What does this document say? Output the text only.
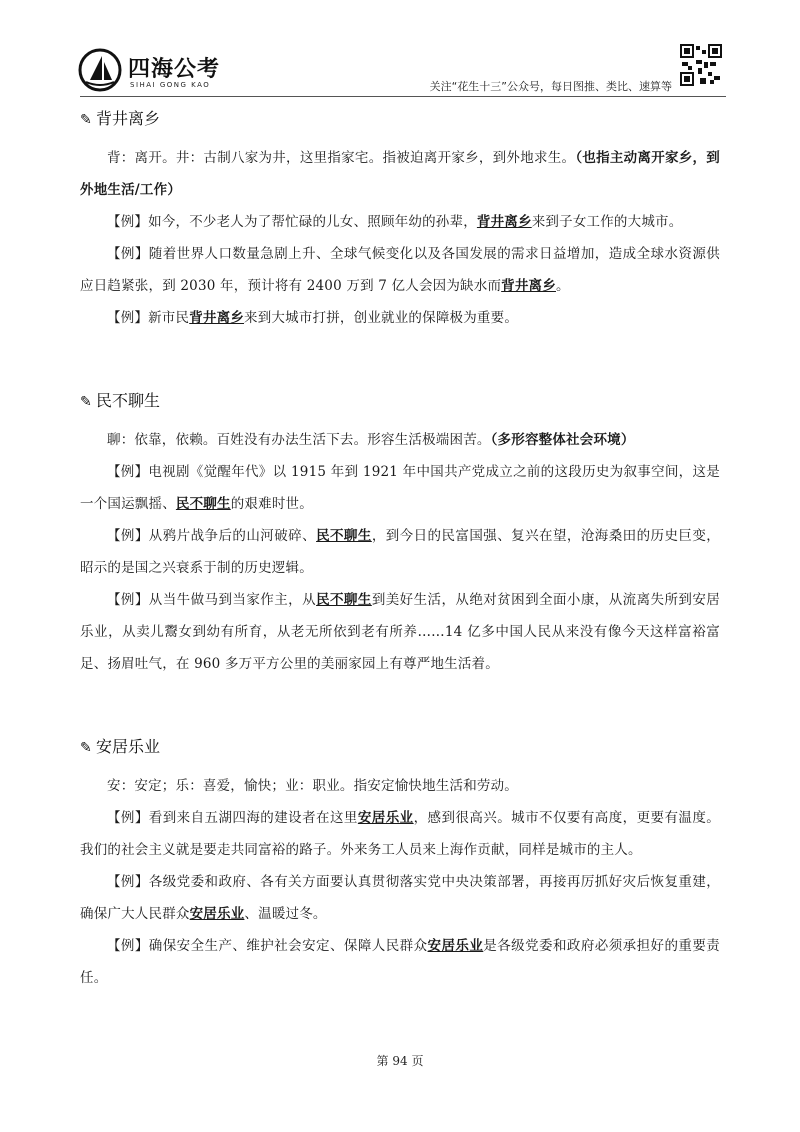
四海公考
SIHAI GONG KAO	关注“花生十三”公众号，每日图推、类比、速算等
✎ 背井离乡

背：离开。井：古制八家为井，这里指家宅。指被迫离开家乡，到外地求生。（也指主动离开家乡，到外地生活/工作）

【例】如今，不少老人为了帮忙碌的儿女、照顾年幼的孙辈，背井离乡来到子女工作的大城市。

【例】随着世界人口数量急剧上升、全球气候变化以及各国发展的需求日益增加，造成全球水资源供应日趋紧张，到 2030 年，预计将有 2400 万到 7 亿人会因为缺水而背井离乡。

【例】新市民背井离乡来到大城市打拼，创业就业的保障极为重要。

✎ 民不聊生

聊：依靠，依赖。百姓没有办法生活下去。形容生活极端困苦。（多形容整体社会环境）

【例】电视剧《觉醒年代》以 1915 年到 1921 年中国共产党成立之前的这段历史为叙事空间，这是一个国运飘摇、民不聊生的艰难时世。

【例】从鸦片战争后的山河破碎、民不聊生，到今日的民富国强、复兴在望，沧海桑田的历史巨变，昭示的是国之兴衰系于制的历史逻辑。

【例】从当牛做马到当家作主，从民不聊生到美好生活，从绝对贫困到全面小康，从流离失所到安居乐业，从卖儿鬻女到幼有所育，从老无所依到老有所养……14 亿多中国人民从来没有像今天这样富裕富足、扬眉吐气，在 960 多万平方公里的美丽家园上有尊严地生活着。

✎ 安居乐业

安：安定；乐：喜爱，愉快；业：职业。指安定愉快地生活和劳动。

【例】看到来自五湖四海的建设者在这里安居乐业，感到很高兴。城市不仅要有高度，更要有温度。我们的社会主义就是要走共同富裕的路子。外来务工人员来上海作贡献，同样是城市的主人。

【例】各级党委和政府、各有关方面要认真贯彻落实党中央决策部署，再接再厉抓好灾后恢复重建，确保广大人民群众安居乐业、温暖过冬。

【例】确保安全生产、维护社会安定、保障人民群众安居乐业是各级党委和政府必须承担好的重要责任。

第 94 页
